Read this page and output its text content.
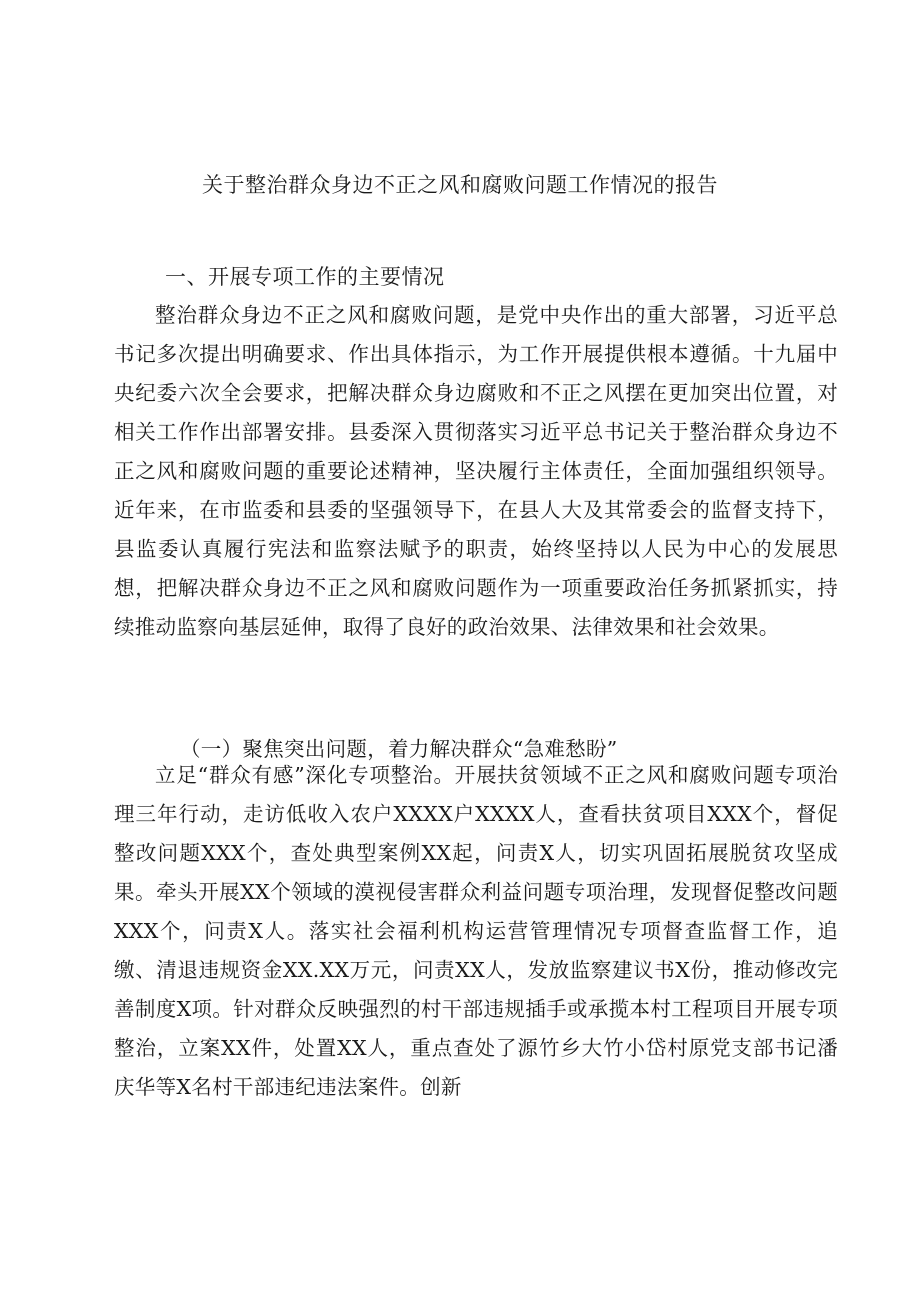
关于整治群众身边不正之风和腐败问题工作情况的报告
一、开展专项工作的主要情况

整治群众身边不正之风和腐败问题，是党中央作出的重大部署，习近平总书记多次提出明确要求、作出具体指示，为工作开展提供根本遵循。十九届中央纪委六次全会要求，把解决群众身边腐败和不正之风摆在更加突出位置，对相关工作作出部署安排。县委深入贯彻落实习近平总书记关于整治群众身边不正之风和腐败问题的重要论述精神，坚决履行主体责任，全面加强组织领导。近年来，在市监委和县委的坚强领导下，在县人大及其常委会的监督支持下，县监委认真履行宪法和监察法赋予的职责，始终坚持以人民为中心的发展思想，把解决群众身边不正之风和腐败问题作为一项重要政治任务抓紧抓实，持续推动监察向基层延伸，取得了良好的政治效果、法律效果和社会效果。

（一）聚焦突出问题，着力解决群众“急难愁盼”

立足“群众有感”深化专项整治。开展扶贫领域不正之风和腐败问题专项治理三年行动，走访低收入农户XXXX户XXXX人，查看扶贫项目XXX个，督促整改问题XXX个，查处典型案例XX起，问责X人，切实巩固拓展脱贫攻坚成果。牵头开展XX个领域的漠视侵害群众利益问题专项治理，发现督促整改问题XXX个，问责X人。落实社会福利机构运营管理情况专项督查监督工作，追缴、清退违规资金XX.XX万元，问责XX人，发放监察建议书X份，推动修改完善制度X项。针对群众反映强烈的村干部违规插手或承揽本村工程项目开展专项整治，立案XX件，处置XX人，重点查处了源竹乡大竹小岱村原党支部书记潘庆华等X名村干部违纪违法案件。创新
